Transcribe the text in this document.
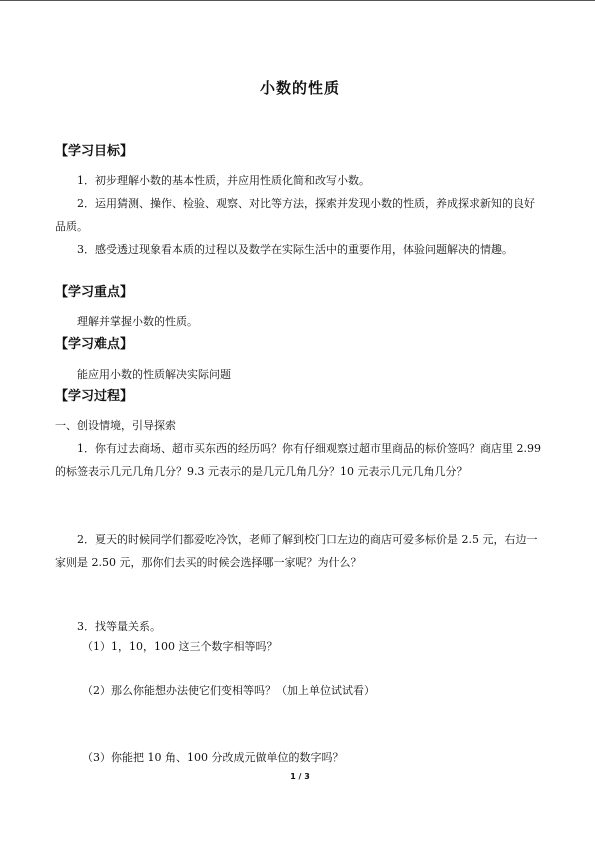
小数的性质
【学习目标】
1．初步理解小数的基本性质，并应用性质化简和改写小数。
2．运用猜测、操作、检验、观察、对比等方法，探索并发现小数的性质，养成探求新知的良好品质。
3．感受透过现象看本质的过程以及数学在实际生活中的重要作用，体验问题解决的情趣。
【学习重点】
理解并掌握小数的性质。
【学习难点】
能应用小数的性质解决实际问题
【学习过程】
一、创设情境，引导探索
1．你有过去商场、超市买东西的经历吗？你有仔细观察过超市里商品的标价签吗？商店里 2.99 的标签表示几元几角几分？9.3 元表示的是几元几角几分？10 元表示几元几角几分？
2．夏天的时候同学们都爱吃冷饮，老师了解到校门口左边的商店可爱多标价是 2.5 元，右边一家则是 2.50 元，那你们去买的时候会选择哪一家呢？为什么？
3．找等量关系。
（1）1，10，100 这三个数字相等吗？
（2）那么你能想办法使它们变相等吗？（加上单位试试看）
（3）你能把 10 角、100 分改成元做单位的数字吗？
1 / 3
